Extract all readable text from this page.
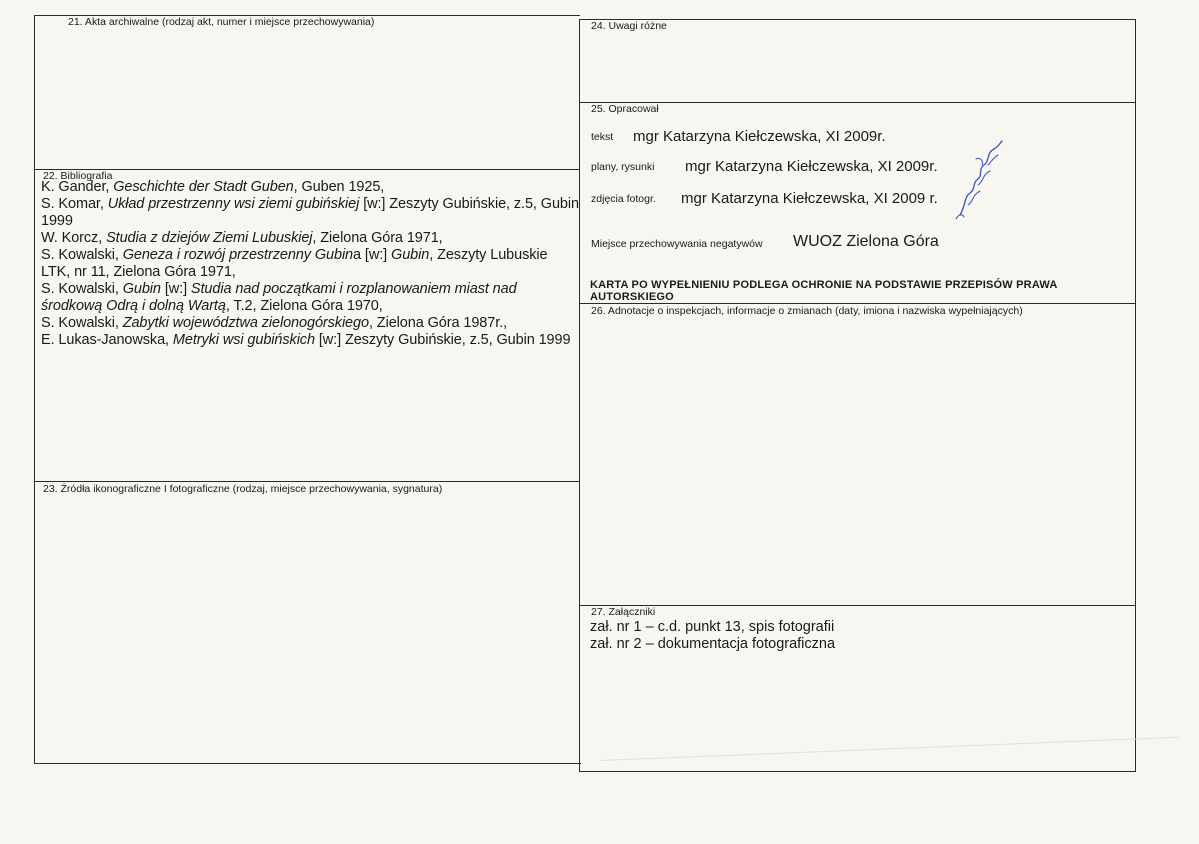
21. Akta archiwalne (rodzaj akt, numer i miejsce przechowywania)
22. Bibliografia
K. Gander, Geschichte der Stadt Guben, Guben 1925,
S. Komar, Układ przestrzenny wsi ziemi gubińskiej [w:] Zeszyty Gubińskie, z.5, Gubin 1999
W. Korcz, Studia z dziejów Ziemi Lubuskiej, Zielona Góra 1971,
S. Kowalski, Geneza i rozwój przestrzenny Gubina [w:] Gubin, Zeszyty Lubuskie LTK, nr 11, Zielona Góra 1971,
S. Kowalski, Gubin [w:] Studia nad początkami i rozplanowaniem miast nad środkową Odrą i dolną Wartą, T.2, Zielona Góra 1970,
S. Kowalski, Zabytki województwa zielonogórskiego, Zielona Góra 1987r.,
E. Lukas-Janowska, Metryki wsi gubińskich [w:] Zeszyty Gubińskie, z.5, Gubin 1999
23. Źródła ikonograficzne I fotograficzne (rodzaj, miejsce przechowywania, sygnatura)
24. Uwagi różne
25. Opracował
tekst mgr Katarzyna Kiełczewska, XI 2009r.
plany, rysunki mgr Katarzyna Kiełczewska, XI 2009r.
zdjęcia fotogr. mgr Katarzyna Kiełczewska, XI 2009 r.
Miejsce przechowywania negatywów WUOZ Zielona Góra
KARTA PO WYPEŁNIENIU PODLEGA OCHRONIE NA PODSTAWIE PRZEPISÓW PRAWA
AUTORSKIEGO
26. Adnotacje o inspekcjach, informacje o zmianach (daty, imiona i nazwiska wypełniających)
27. Załączniki
zał. nr 1 – c.d. punkt 13, spis fotografii
zał. nr 2 – dokumentacja fotograficzna
